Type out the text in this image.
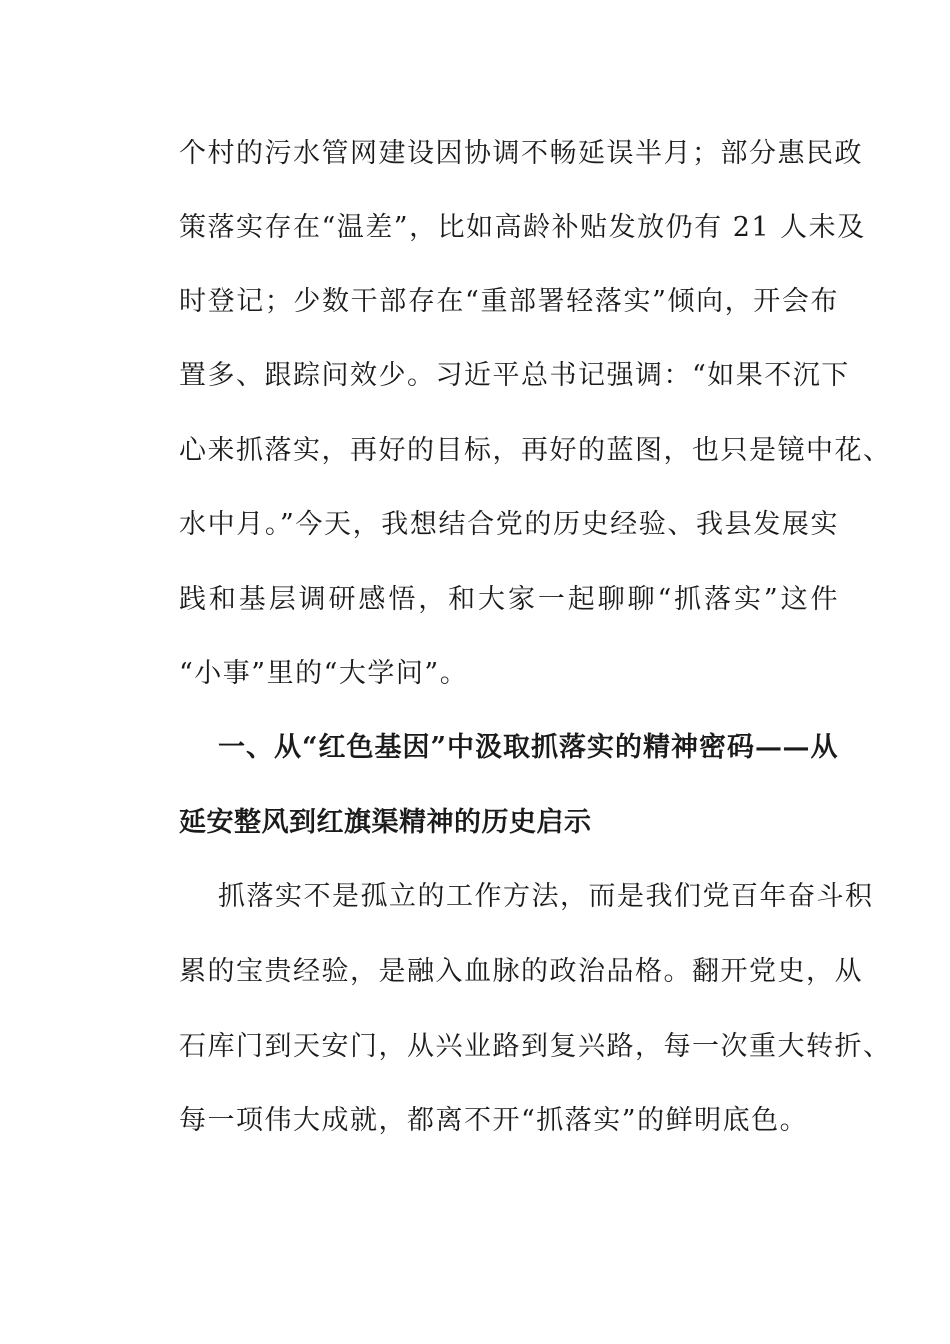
个村的污水管网建设因协调不畅延误半月；部分惠民政
策落实存在“温差”，比如高龄补贴发放仍有 21 人未及
时登记；少数干部存在“重部署轻落实”倾向，开会布
置多、跟踪问效少。习近平总书记强调：“如果不沉下
心来抓落实，再好的目标，再好的蓝图，也只是镜中花、
水中月。”今天，我想结合党的历史经验、我县发展实
践和基层调研感悟，和大家一起聊聊“抓落实”这件
“小事”里的“大学问”。
一、从“红色基因”中汲取抓落实的精神密码——从
延安整风到红旗渠精神的历史启示
抓落实不是孤立的工作方法，而是我们党百年奋斗积
累的宝贵经验，是融入血脉的政治品格。翻开党史，从
石库门到天安门，从兴业路到复兴路，每一次重大转折、
每一项伟大成就，都离不开“抓落实”的鲜明底色。
